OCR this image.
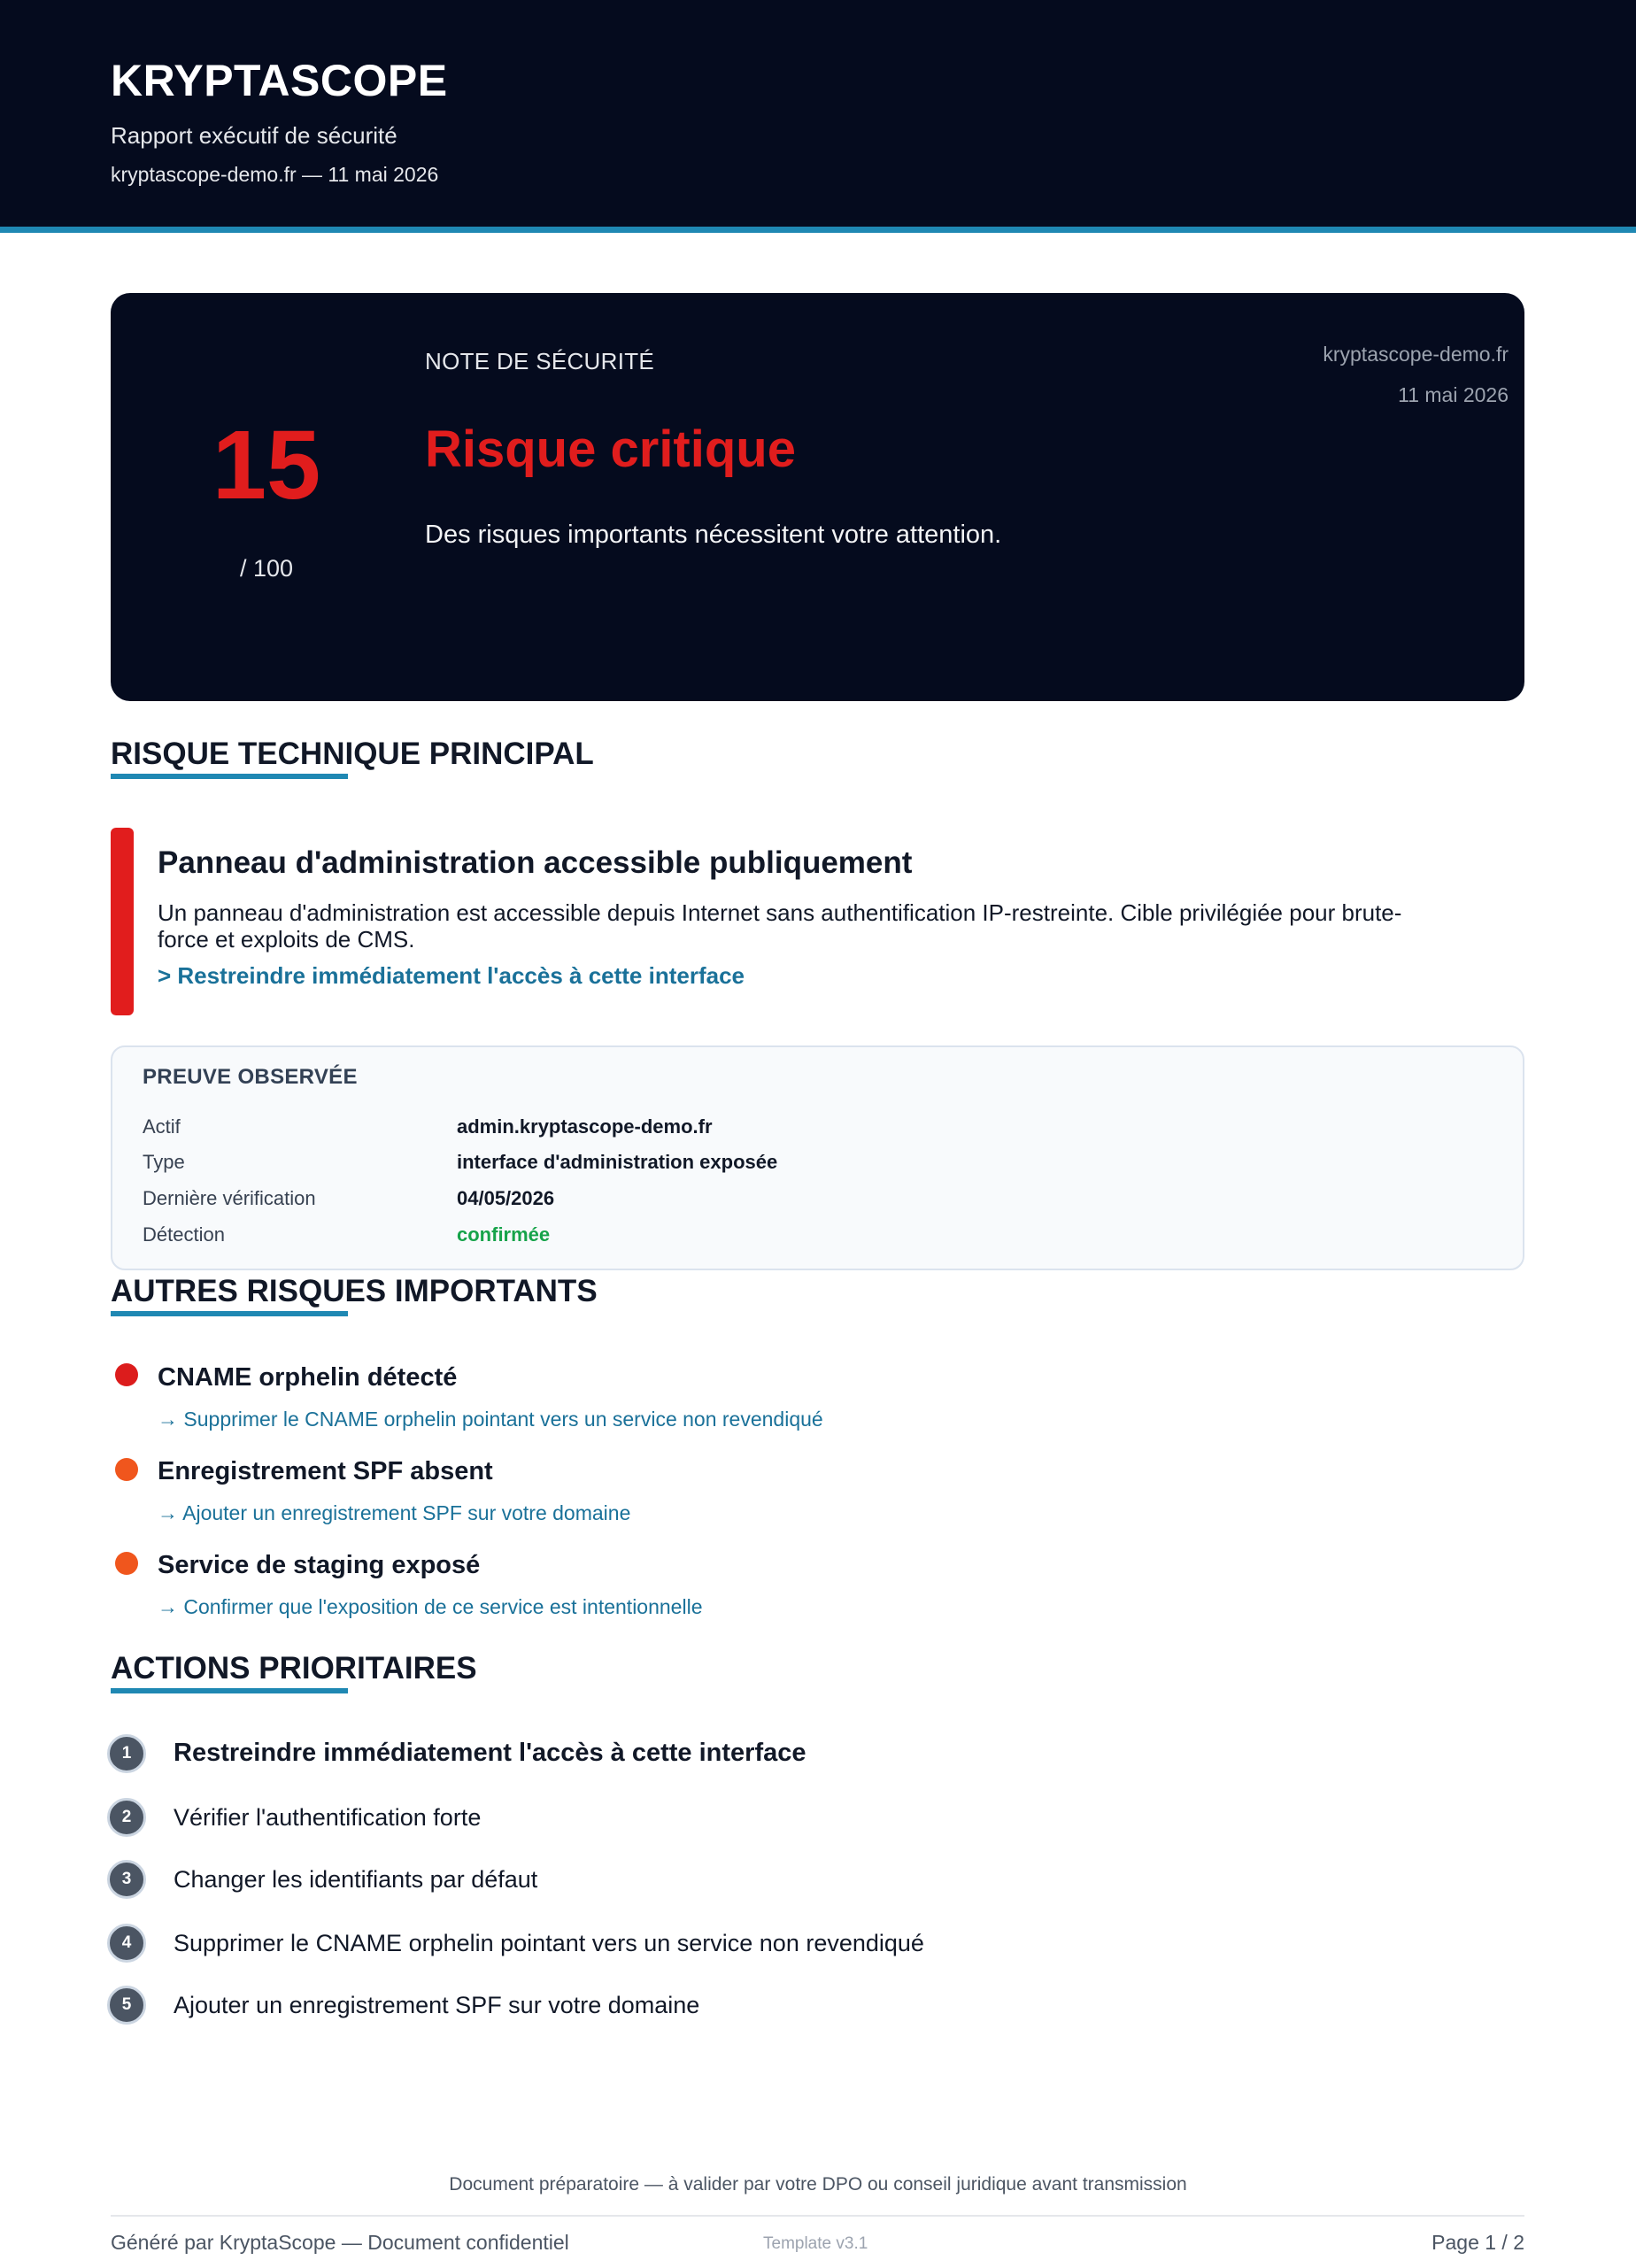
KRYPTASCOPE
Rapport exécutif de sécurité
kryptascope-demo.fr — 11 mai 2026
15
/ 100
NOTE DE SÉCURITÉ
Risque critique
Des risques importants nécessitent votre attention.
kryptascope-demo.fr
11 mai 2026
RISQUE TECHNIQUE PRINCIPAL
Panneau d'administration accessible publiquement
Un panneau d'administration est accessible depuis Internet sans authentification IP-restreinte. Cible privilégiée pour brute-force et exploits de CMS.
> Restreindre immédiatement l'accès à cette interface
PREUVE OBSERVÉE
Actif	admin.kryptascope-demo.fr
Type	interface d'administration exposée
Dernière vérification	04/05/2026
Détection	confirmée
AUTRES RISQUES IMPORTANTS
CNAME orphelin détecté
→ Supprimer le CNAME orphelin pointant vers un service non revendiqué
Enregistrement SPF absent
→ Ajouter un enregistrement SPF sur votre domaine
Service de staging exposé
→ Confirmer que l'exposition de ce service est intentionnelle
ACTIONS PRIORITAIRES
1	Restreindre immédiatement l'accès à cette interface
2	Vérifier l'authentification forte
3	Changer les identifiants par défaut
4	Supprimer le CNAME orphelin pointant vers un service non revendiqué
5	Ajouter un enregistrement SPF sur votre domaine
Document préparatoire — à valider par votre DPO ou conseil juridique avant transmission
Généré par KryptaScope — Document confidentiel	Template v3.1	Page 1 / 2
